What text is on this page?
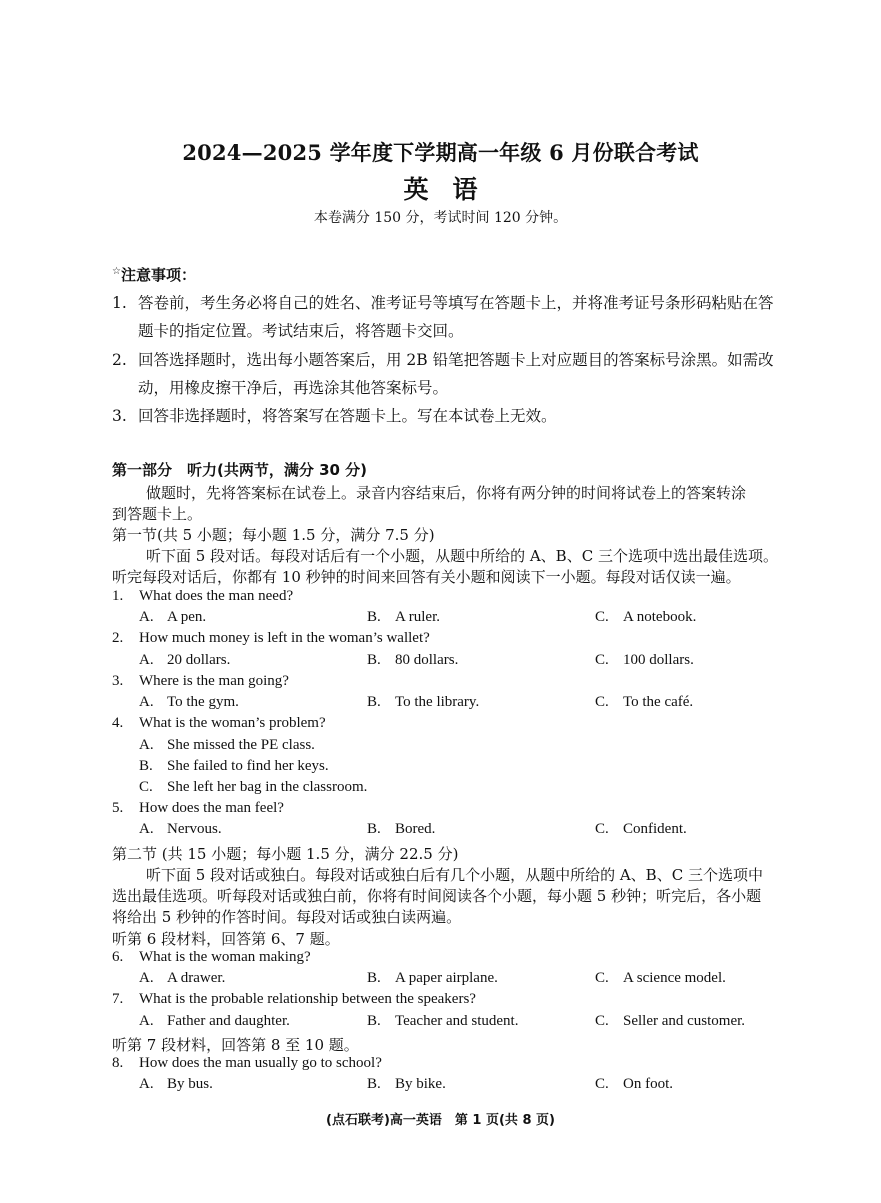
2024—2025 学年度下学期高一年级 6 月份联合考试
英语
本卷满分 150 分，考试时间 120 分钟。
☆注意事项：
1. 答卷前，考生务必将自己的姓名、准考证号等填写在答题卡上，并将准考证号条形码粘贴在答
题卡的指定位置。考试结束后，将答题卡交回。
2. 回答选择题时，选出每小题答案后，用 2B 铅笔把答题卡上对应题目的答案标号涂黑。如需改
动，用橡皮擦干净后，再选涂其他答案标号。
3. 回答非选择题时，将答案写在答题卡上。写在本试卷上无效。
第一部分　听力(共两节，满分 30 分)
做题时，先将答案标在试卷上。录音内容结束后，你将有两分钟的时间将试卷上的答案转涂
到答题卡上。
第一节(共 5 小题；每小题 1.5 分，满分 7.5 分)
听下面 5 段对话。每段对话后有一个小题，从题中所给的 A、B、C 三个选项中选出最佳选项。
听完每段对话后，你都有 10 秒钟的时间来回答有关小题和阅读下一小题。每段对话仅读一遍。
1. What does the man need?
A. A pen.	B. A ruler.	C. A notebook.
2. How much money is left in the woman’s wallet?
A. 20 dollars.	B. 80 dollars.	C. 100 dollars.
3. Where is the man going?
A. To the gym.	B. To the library.	C. To the café.
4. What is the woman’s problem?
A. She missed the PE class.
B. She failed to find her keys.
C. She left her bag in the classroom.
5. How does the man feel?
A. Nervous.	B. Bored.	C. Confident.
第二节 (共 15 小题；每小题 1.5 分，满分 22.5 分)
听下面 5 段对话或独白。每段对话或独白后有几个小题，从题中所给的 A、B、C 三个选项中
选出最佳选项。听每段对话或独白前，你将有时间阅读各个小题，每小题 5 秒钟；听完后，各小题
将给出 5 秒钟的作答时间。每段对话或独白读两遍。
听第 6 段材料，回答第 6、7 题。
6. What is the woman making?
A. A drawer.	B. A paper airplane.	C. A science model.
7. What is the probable relationship between the speakers?
A. Father and daughter.	B. Teacher and student.	C. Seller and customer.
听第 7 段材料，回答第 8 至 10 题。
8. How does the man usually go to school?
A. By bus.	B. By bike.	C. On foot.
(点石联考)高一英语　第 1 页(共 8 页)
